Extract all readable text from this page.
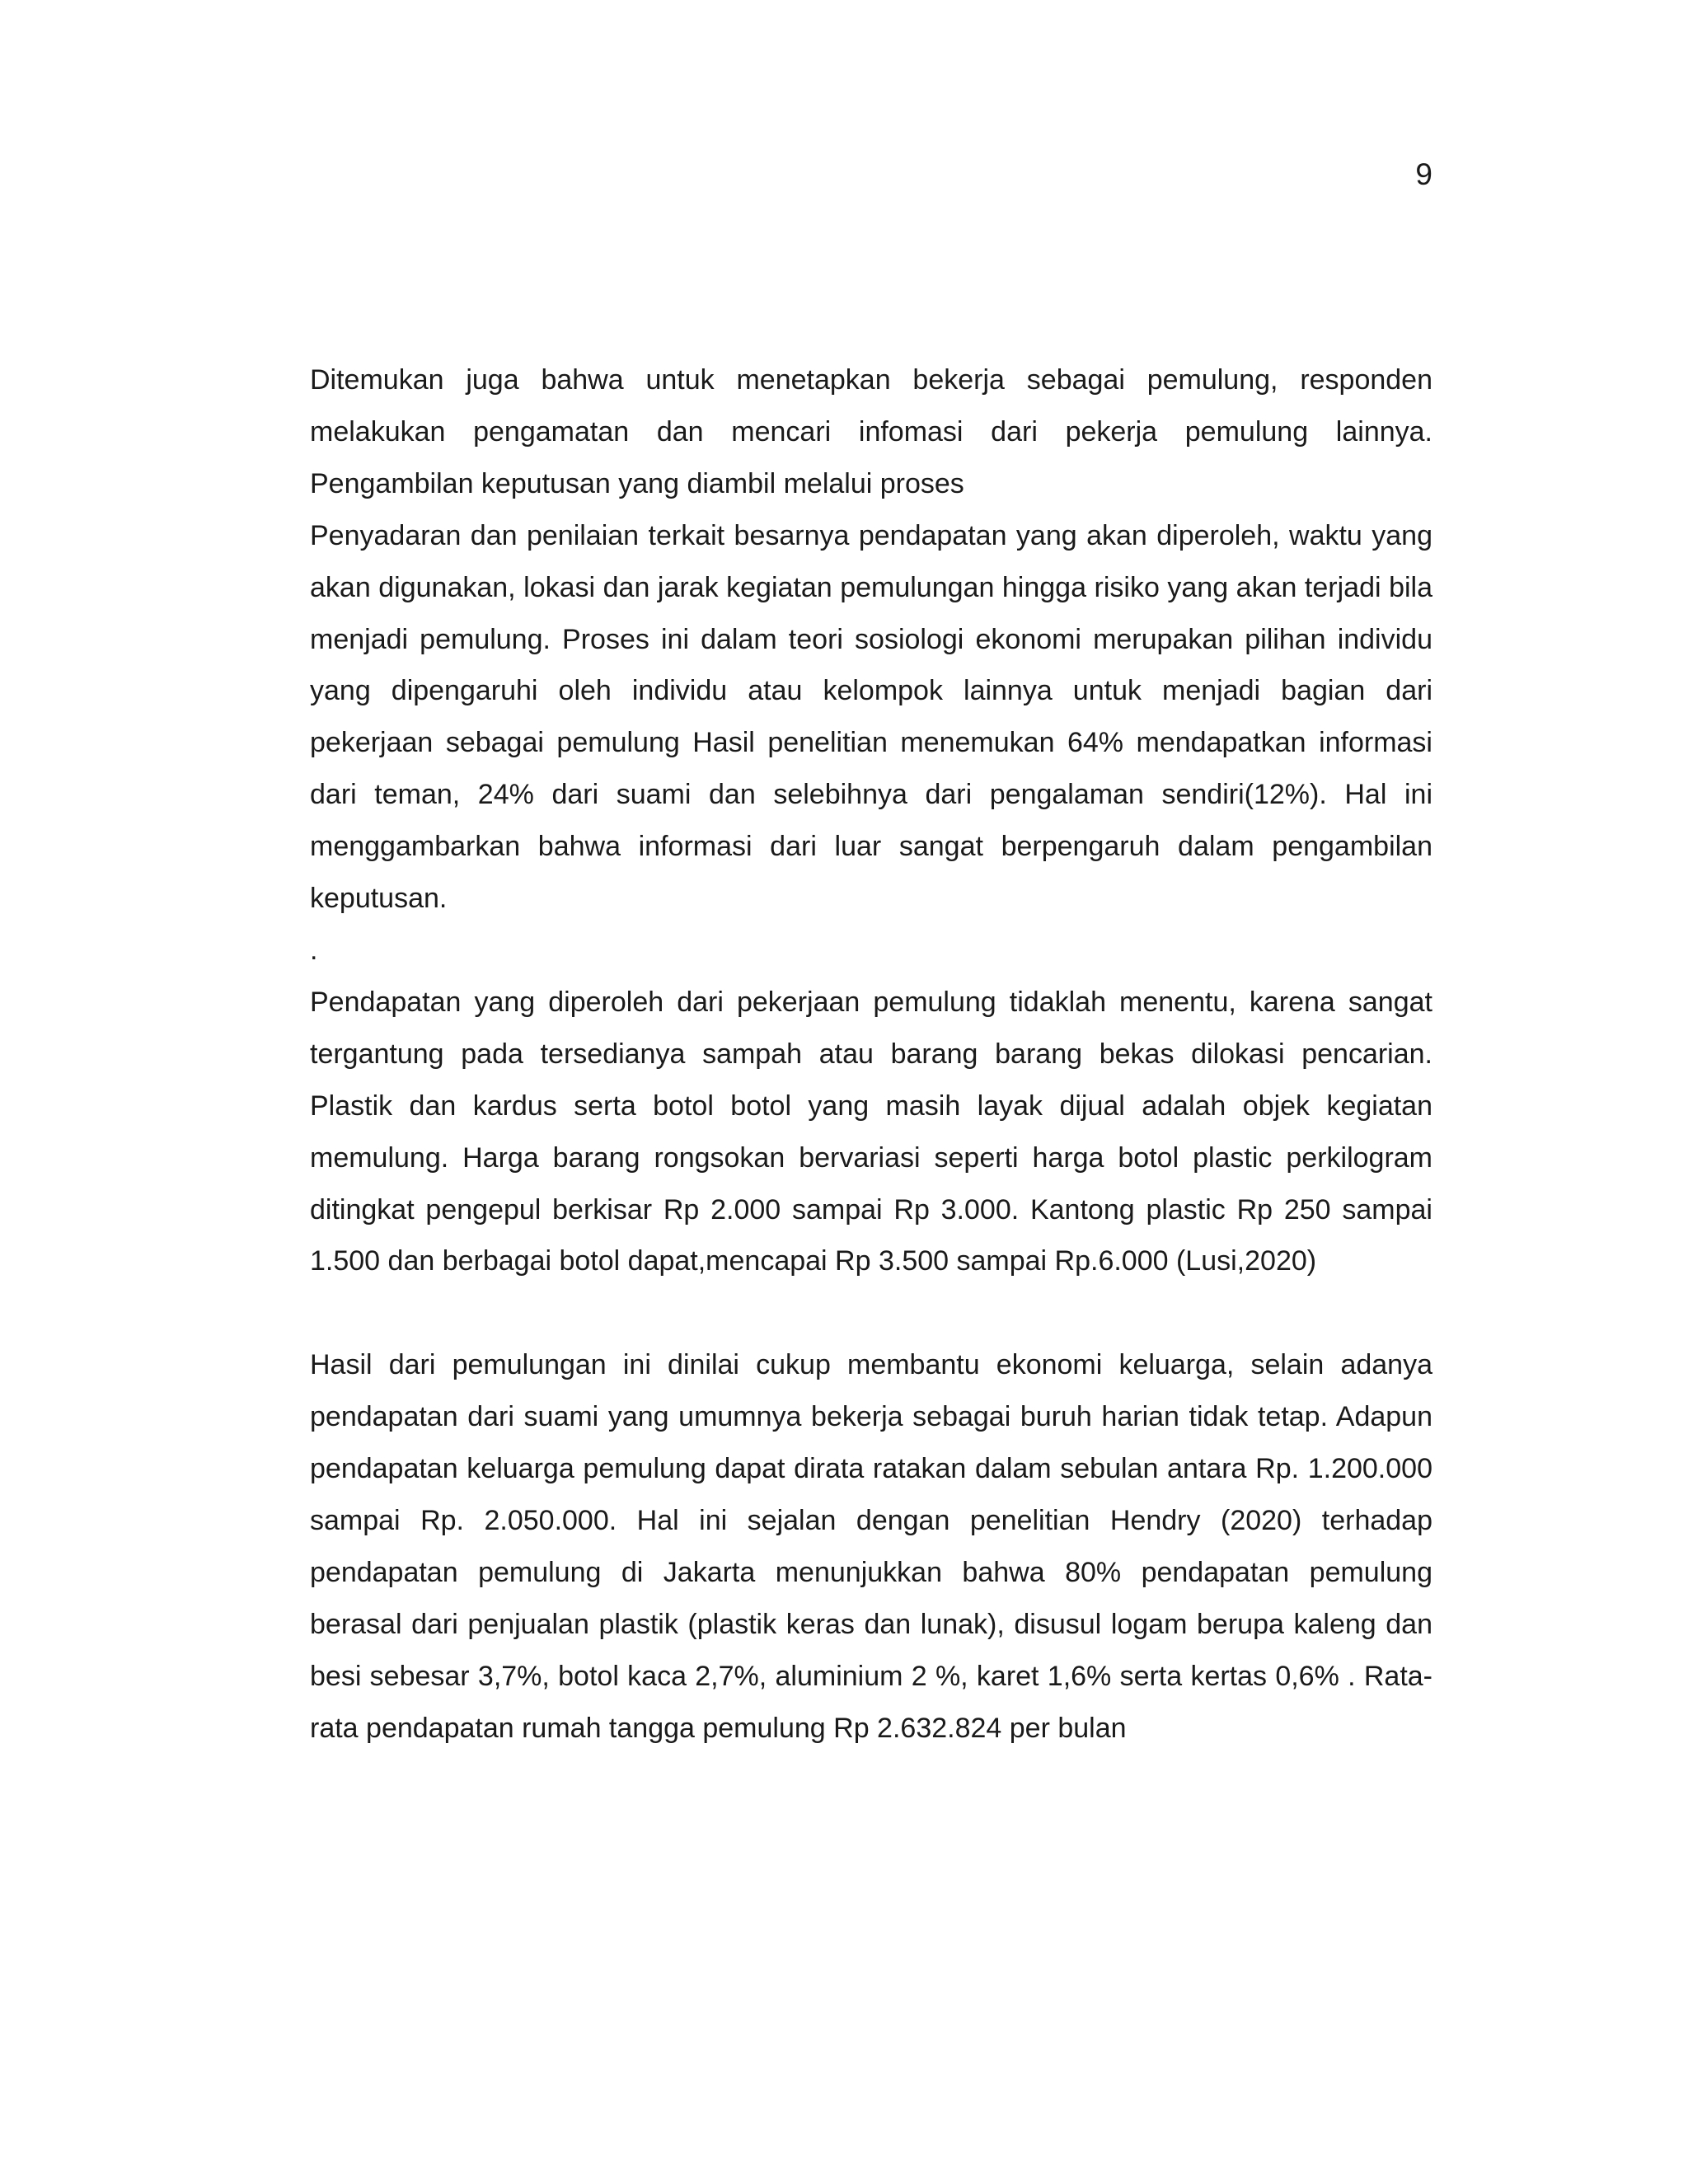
9

Ditemukan juga bahwa untuk menetapkan bekerja sebagai pemulung, responden melakukan pengamatan dan mencari infomasi dari pekerja pemulung lainnya.

Pengambilan keputusan yang diambil melalui proses

Penyadaran dan penilaian terkait besarnya pendapatan yang akan diperoleh, waktu yang akan digunakan, lokasi dan jarak kegiatan pemulungan hingga risiko yang akan terjadi bila menjadi pemulung. Proses ini dalam teori sosiologi ekonomi merupakan pilihan individu yang dipengaruhi oleh individu atau kelompok lainnya untuk menjadi bagian dari pekerjaan sebagai pemulung Hasil penelitian menemukan 64% mendapatkan informasi dari teman, 24% dari suami dan selebihnya dari pengalaman sendiri(12%). Hal ini menggambarkan bahwa informasi dari luar sangat berpengaruh dalam pengambilan keputusan.

.

Pendapatan yang diperoleh dari pekerjaan pemulung tidaklah menentu, karena sangat tergantung pada tersedianya sampah atau barang barang bekas dilokasi pencarian. Plastik dan kardus serta botol botol yang masih layak dijual adalah objek kegiatan memulung. Harga barang rongsokan bervariasi seperti harga botol plastic perkilogram ditingkat pengepul berkisar Rp 2.000 sampai Rp 3.000. Kantong plastic Rp 250 sampai 1.500 dan berbagai botol dapat,mencapai Rp 3.500 sampai Rp.6.000 (Lusi,2020)

Hasil dari pemulungan ini dinilai cukup membantu ekonomi keluarga, selain adanya pendapatan dari suami yang umumnya bekerja sebagai buruh harian tidak tetap. Adapun pendapatan keluarga pemulung dapat dirata ratakan dalam sebulan antara Rp. 1.200.000 sampai Rp. 2.050.000. Hal ini sejalan dengan penelitian Hendry (2020) terhadap pendapatan pemulung di Jakarta menunjukkan bahwa 80% pendapatan pemulung berasal dari penjualan plastik (plastik keras dan lunak), disusul logam berupa kaleng dan besi sebesar 3,7%, botol kaca 2,7%, aluminium 2 %, karet 1,6% serta kertas 0,6% . Rata-rata pendapatan rumah tangga pemulung Rp 2.632.824 per bulan
